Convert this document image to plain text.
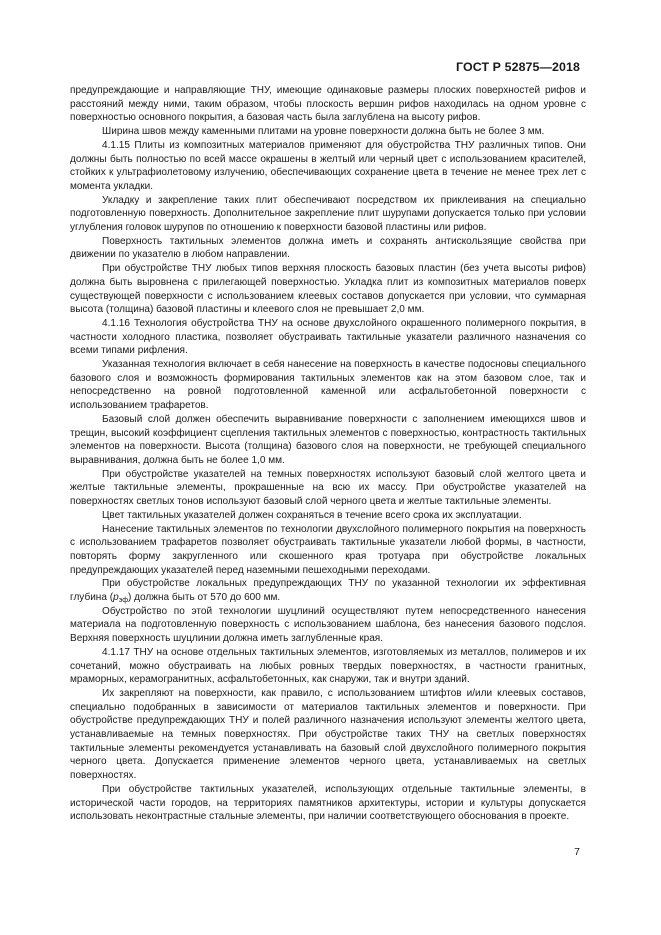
ГОСТ Р 52875—2018

предупреждающие и направляющие ТНУ, имеющие одинаковые размеры плоских поверхностей рифов и расстояний между ними, таким образом, чтобы плоскость вершин рифов находилась на одном уровне с поверхностью основного покрытия, а базовая часть была заглублена на высоту рифов.

Ширина швов между каменными плитами на уровне поверхности должна быть не более 3 мм.

4.1.15 Плиты из композитных материалов применяют для обустройства ТНУ различных типов. Они должны быть полностью по всей массе окрашены в желтый или черный цвет с использованием красителей, стойких к ультрафиолетовому излучению, обеспечивающих сохранение цвета в течение не менее трех лет с момента укладки.

Укладку и закрепление таких плит обеспечивают посредством их приклеивания на специально подготовленную поверхность. Дополнительное закрепление плит шурупами допускается только при условии углубления головок шурупов по отношению к поверхности базовой пластины или рифов.

Поверхность тактильных элементов должна иметь и сохранять антискользящие свойства при движении по указателю в любом направлении.

При обустройстве ТНУ любых типов верхняя плоскость базовых пластин (без учета высоты рифов) должна быть выровнена с прилегающей поверхностью. Укладка плит из композитных материалов поверх существующей поверхности с использованием клеевых составов допускается при условии, что суммарная высота (толщина) базовой пластины и клеевого слоя не превышает 2,0 мм.

4.1.16 Технология обустройства ТНУ на основе двухслойного окрашенного полимерного покрытия, в частности холодного пластика, позволяет обустраивать тактильные указатели различного назначения со всеми типами рифления.

Указанная технология включает в себя нанесение на поверхность в качестве подосновы специального базового слоя и возможность формирования тактильных элементов как на этом базовом слое, так и непосредственно на ровной подготовленной каменной или асфальтобетонной поверхности с использованием трафаретов.

Базовый слой должен обеспечить выравнивание поверхности с заполнением имеющихся швов и трещин, высокий коэффициент сцепления тактильных элементов с поверхностью, контрастность тактильных элементов на поверхности. Высота (толщина) базового слоя на поверхности, не требующей специального выравнивания, должна быть не более 1,0 мм.

При обустройстве указателей на темных поверхностях используют базовый слой желтого цвета и желтые тактильные элементы, прокрашенные на всю их массу. При обустройстве указателей на поверхностях светлых тонов используют базовый слой черного цвета и желтые тактильные элементы.

Цвет тактильных указателей должен сохраняться в течение всего срока их эксплуатации.

Нанесение тактильных элементов по технологии двухслойного полимерного покрытия на поверхность с использованием трафаретов позволяет обустраивать тактильные указатели любой формы, в частности, повторять форму закругленного или скошенного края тротуара при обустройстве локальных предупреждающих указателей перед наземными пешеходными переходами.

При обустройстве локальных предупреждающих ТНУ по указанной технологии их эффективная глубина $(p_{эф})$ должна быть от 570 до 600 мм.

Обустройство по этой технологии шуцлиний осуществляют путем непосредственного нанесения материала на подготовленную поверхность с использованием шаблона, без нанесения базового подслоя. Верхняя поверхность шуцлинии должна иметь заглубленные края.

4.1.17 ТНУ на основе отдельных тактильных элементов, изготовляемых из металлов, полимеров и их сочетаний, можно обустраивать на любых ровных твердых поверхностях, в частности гранитных, мраморных, керамогранитных, асфальтобетонных, как снаружи, так и внутри зданий.

Их закрепляют на поверхности, как правило, с использованием штифтов и/или клеевых составов, специально подобранных в зависимости от материалов тактильных элементов и поверхности. При обустройстве предупреждающих ТНУ и полей различного назначения используют элементы желтого цвета, устанавливаемые на темных поверхностях. При обустройстве таких ТНУ на светлых поверхностях тактильные элементы рекомендуется устанавливать на базовый слой двухслойного полимерного покрытия черного цвета. Допускается применение элементов черного цвета, устанавливаемых на светлых поверхностях.

При обустройстве тактильных указателей, использующих отдельные тактильные элементы, в исторической части городов, на территориях памятников архитектуры, истории и культуры допускается использовать неконтрастные стальные элементы, при наличии соответствующего обоснования в проекте.

7
